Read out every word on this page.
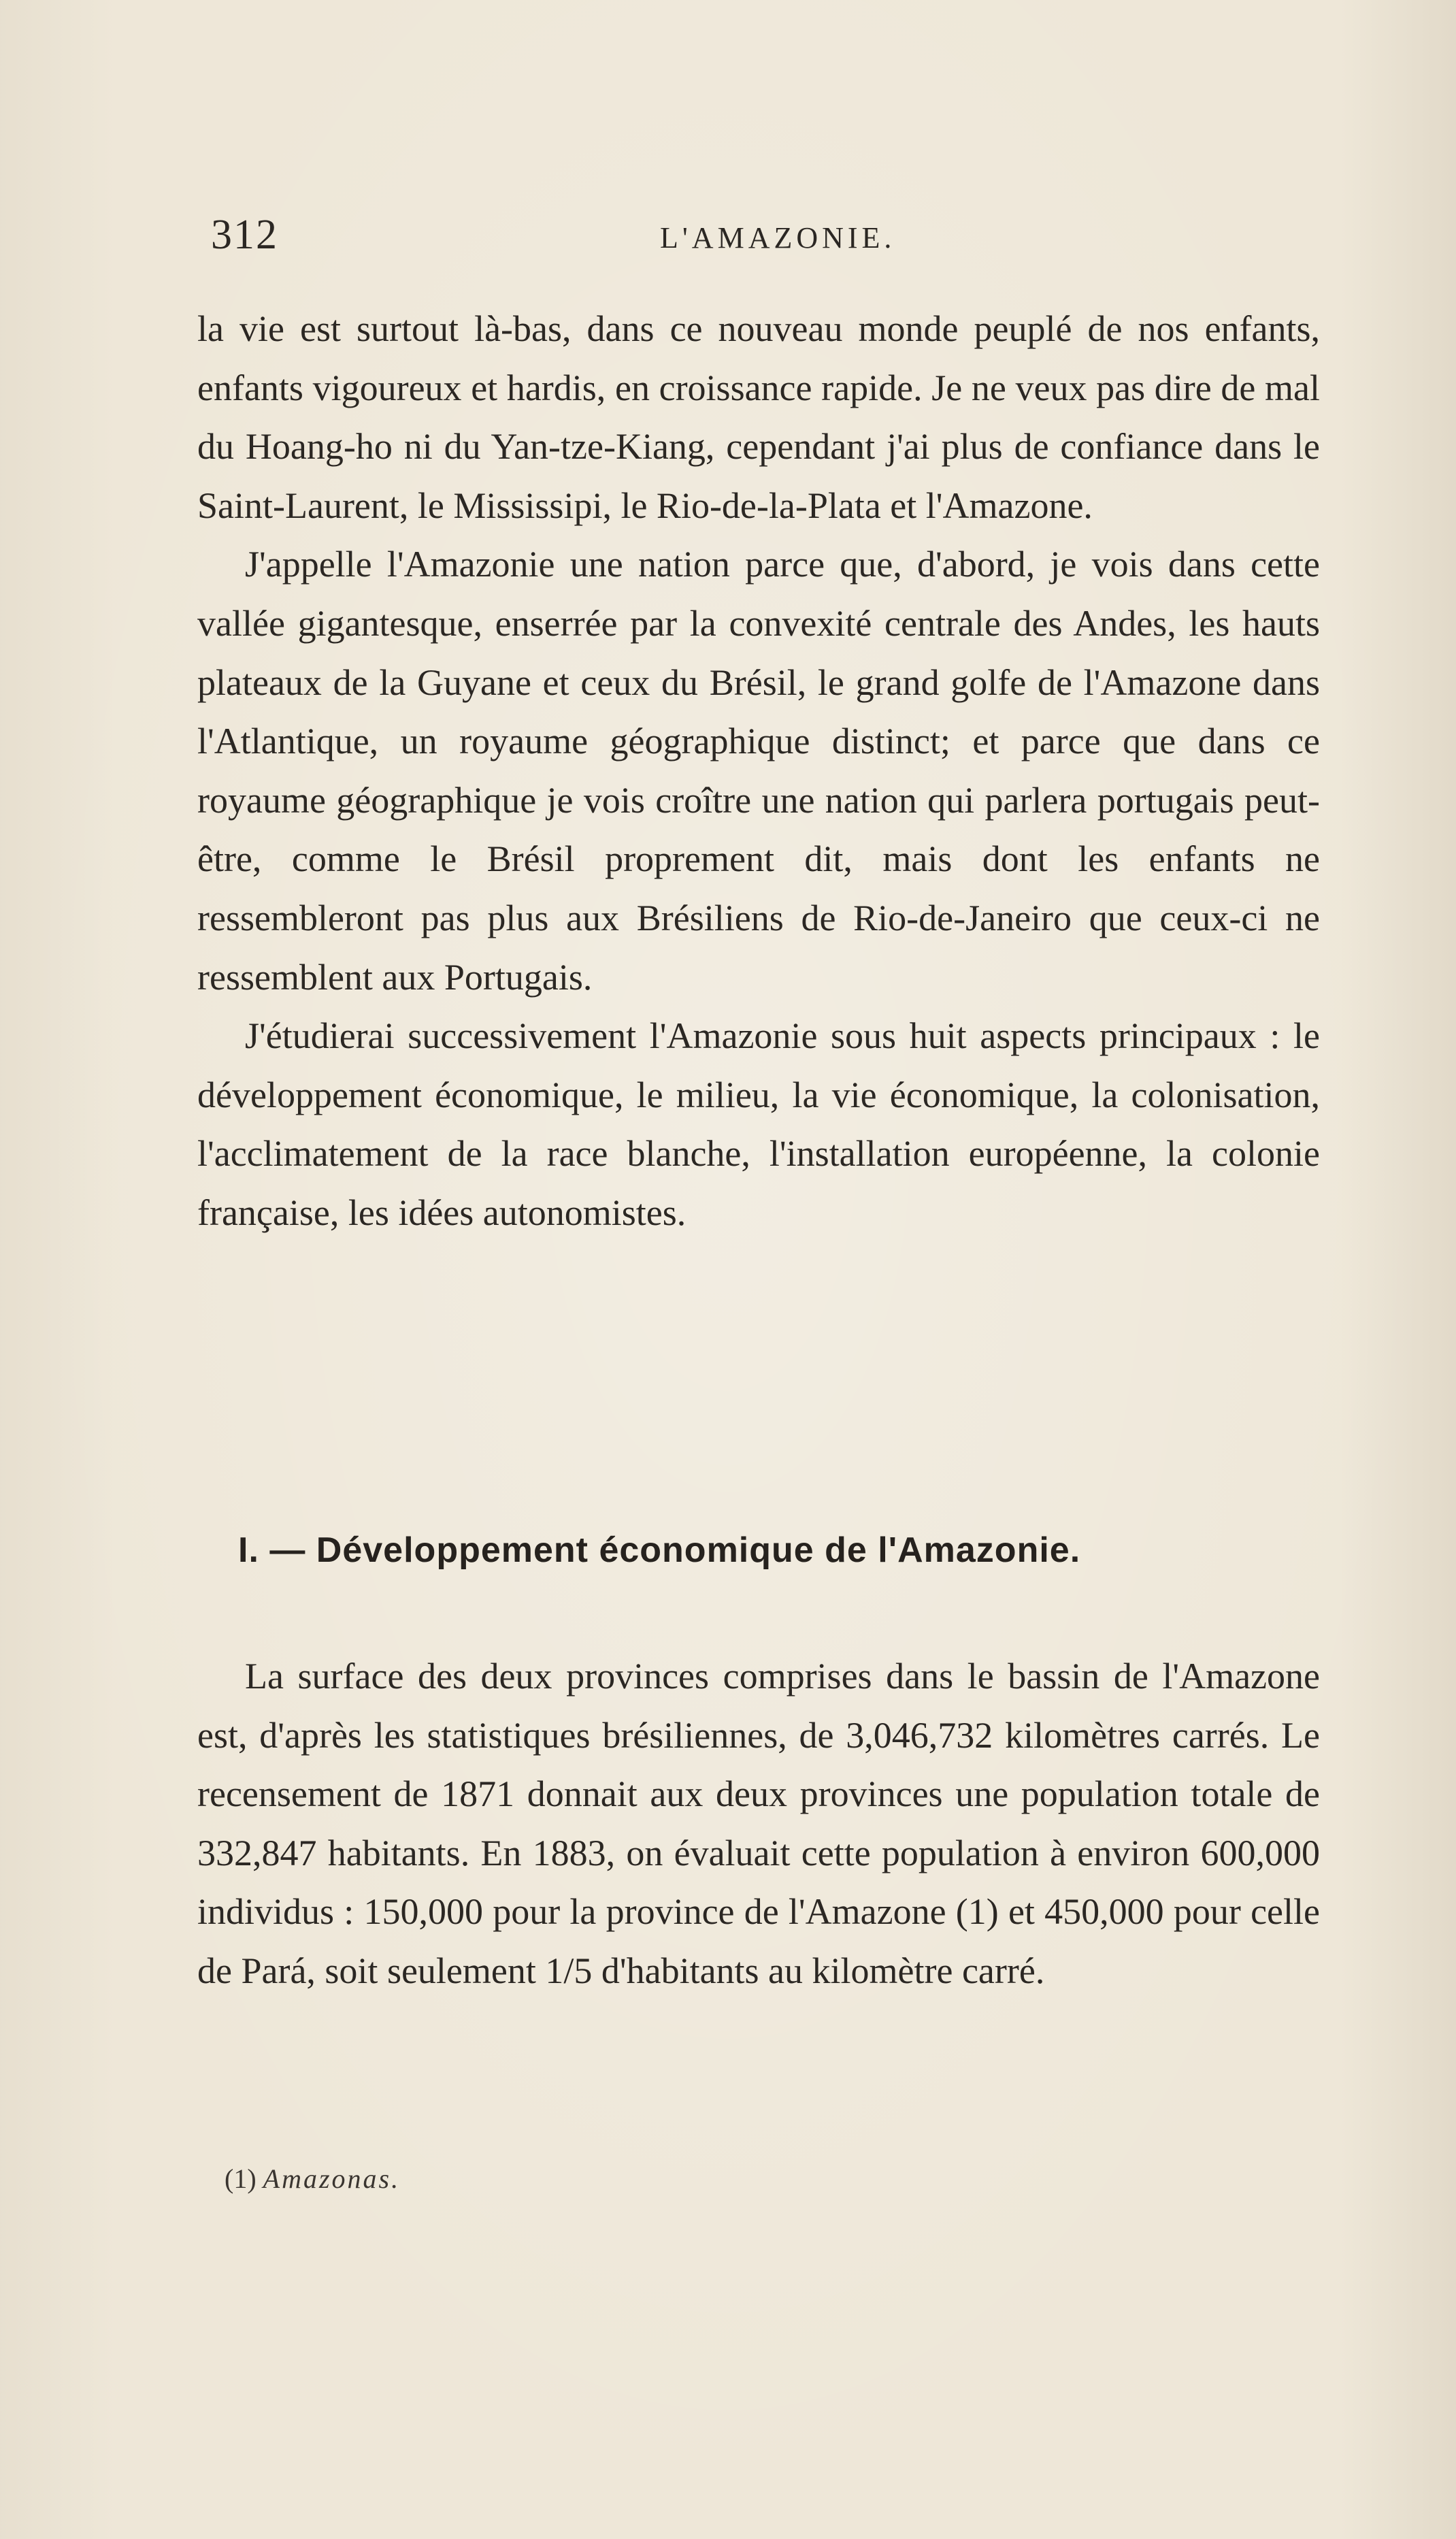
312	L'AMAZONIE.

la vie est surtout là-bas, dans ce nouveau monde peuplé de nos enfants, enfants vigoureux et hardis, en croissance rapide. Je ne veux pas dire de mal du Hoang-ho ni du Yan-tze-Kiang, cependant j'ai plus de confiance dans le Saint-Laurent, le Mississipi, le Rio-de-la-Plata et l'Amazone.

J'appelle l'Amazonie une nation parce que, d'abord, je vois dans cette vallée gigantesque, enserrée par la convexité centrale des Andes, les hauts plateaux de la Guyane et ceux du Brésil, le grand golfe de l'Amazone dans l'Atlantique, un royaume géographique distinct; et parce que dans ce royaume géographique je vois croître une nation qui parlera portugais peut-être, comme le Brésil proprement dit, mais dont les enfants ne ressembleront pas plus aux Brésiliens de Rio-de-Janeiro que ceux-ci ne ressemblent aux Portugais.

J'étudierai successivement l'Amazonie sous huit aspects principaux : le développement économique, le milieu, la vie économique, la colonisation, l'acclimatement de la race blanche, l'installation européenne, la colonie française, les idées autonomistes.

I. — Développement économique de l'Amazonie.

La surface des deux provinces comprises dans le bassin de l'Amazone est, d'après les statistiques brésiliennes, de 3,046,732 kilomètres carrés. Le recensement de 1871 donnait aux deux provinces une population totale de 332,847 habitants. En 1883, on évaluait cette population à environ 600,000 individus : 150,000 pour la province de l'Amazone (1) et 450,000 pour celle de Pará, soit seulement 1/5 d'habitants au kilomètre carré.

(1) Amazonas.
